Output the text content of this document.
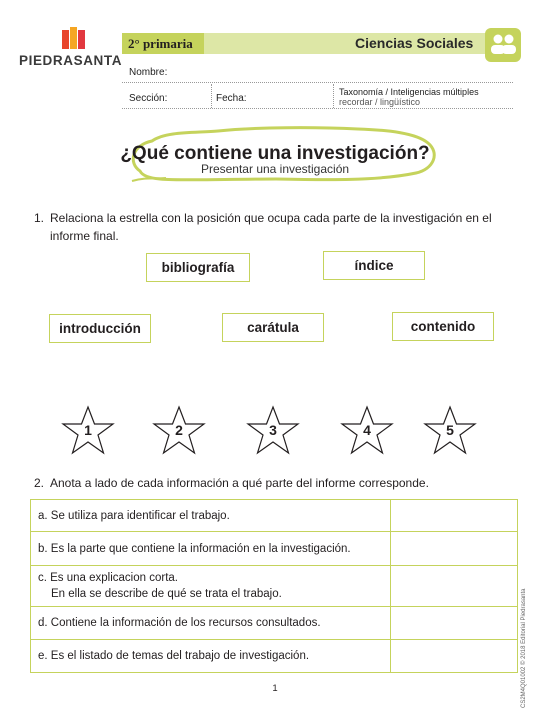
PIEDRASANTA
2° primaria	Ciencias Sociales
Nombre:
Sección:	Fecha:
Taxonomía / Inteligencias múltiples
recordar / lingüístico
¿Qué contiene una investigación?
Presentar una investigación
1. Relaciona la estrella con la posición que ocupa cada parte de la investigación en el informe final.
bibliografía	índice
introducción	carátula	contenido
1	2	3	4	5
2. Anota a lado de cada información a qué parte del informe corresponde.
a. Se utiliza para identificar el trabajo.	
b. Es la parte que contiene la información en la investigación.	

c. Es una explicacion corta.
En ella se describe de qué se trata el trabajo.	

d. Contiene la información de los recursos consultados.	
e. Es el listado de temas del trabajo de investigación.		CS2M4Q01002 © 2018 Editorial Piedrasanta
1
